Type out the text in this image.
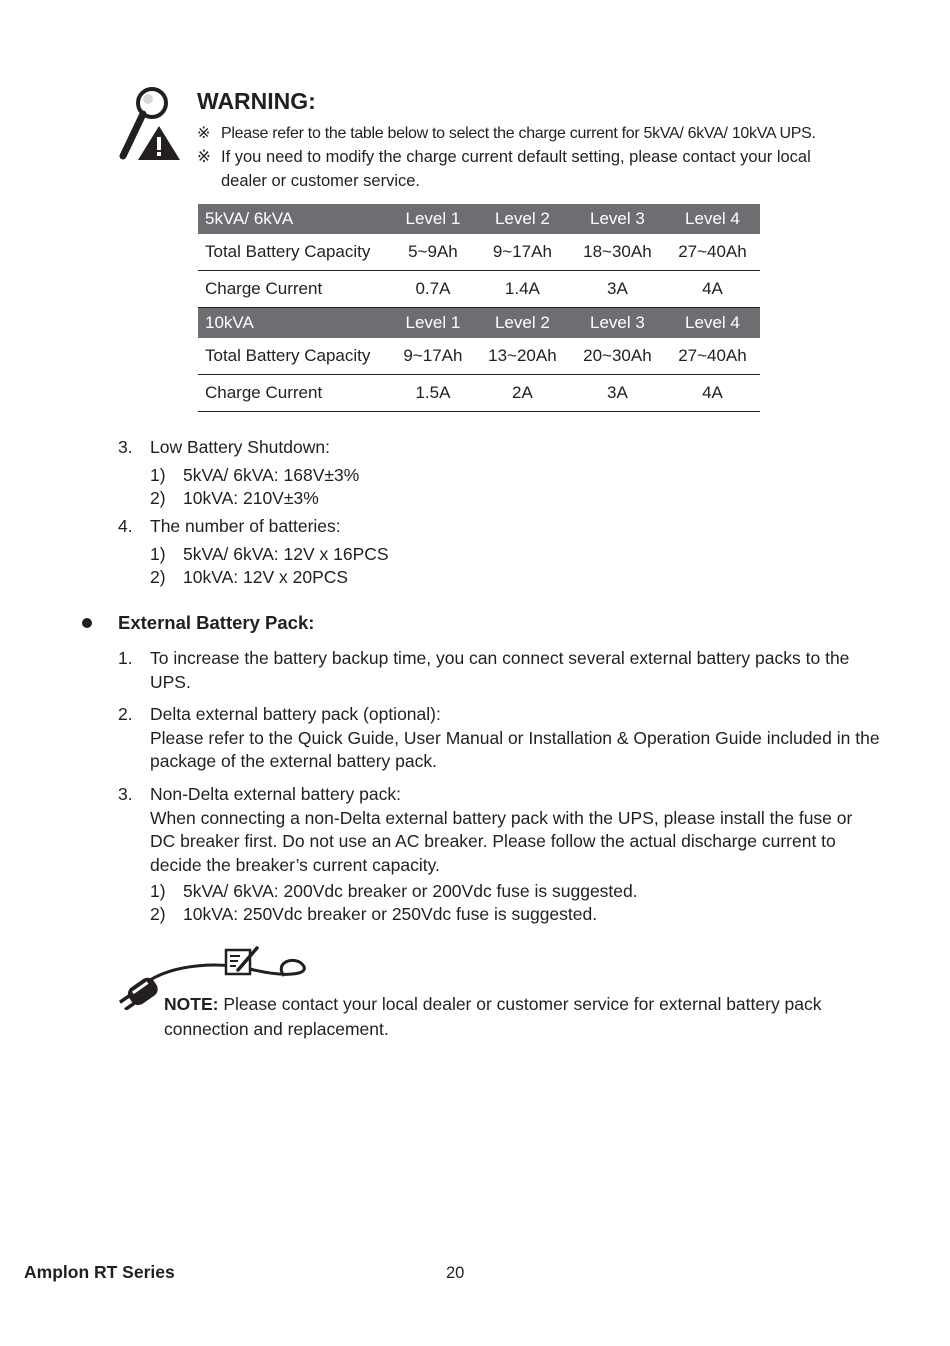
WARNING:
※ Please refer to the table below to select the charge current for 5kVA/ 6kVA/ 10kVA UPS.
※ If you need to modify the charge current default setting, please contact your local
dealer or customer service.
5kVA/ 6kVA	Level 1	Level 2	Level 3	Level 4
Total Battery Capacity	5~9Ah	9~17Ah	18~30Ah	27~40Ah
Charge Current	0.7A	1.4A	3A	4A
10kVA	Level 1	Level 2	Level 3	Level 4
Total Battery Capacity	9~17Ah	13~20Ah	20~30Ah	27~40Ah
Charge Current	1.5A	2A	3A	4A
3. Low Battery Shutdown:
1) 5kVA/ 6kVA: 168V±3%
2) 10kVA: 210V±3%
4. The number of batteries:
1) 5kVA/ 6kVA: 12V x 16PCS
2) 10kVA: 12V x 20PCS
External Battery Pack:
1. To increase the battery backup time, you can connect several external battery packs to the UPS.
2. Delta external battery pack (optional):
Please refer to the Quick Guide, User Manual or Installation & Operation Guide included in the package of the external battery pack.
3. Non-Delta external battery pack:
When connecting a non-Delta external battery pack with the UPS, please install the fuse or DC breaker first. Do not use an AC breaker. Please follow the actual discharge current to decide the breaker’s current capacity.
1) 5kVA/ 6kVA: 200Vdc breaker or 200Vdc fuse is suggested.
2) 10kVA: 250Vdc breaker or 250Vdc fuse is suggested.
NOTE: Please contact your local dealer or customer service for external battery pack connection and replacement.
Amplon RT Series	20
